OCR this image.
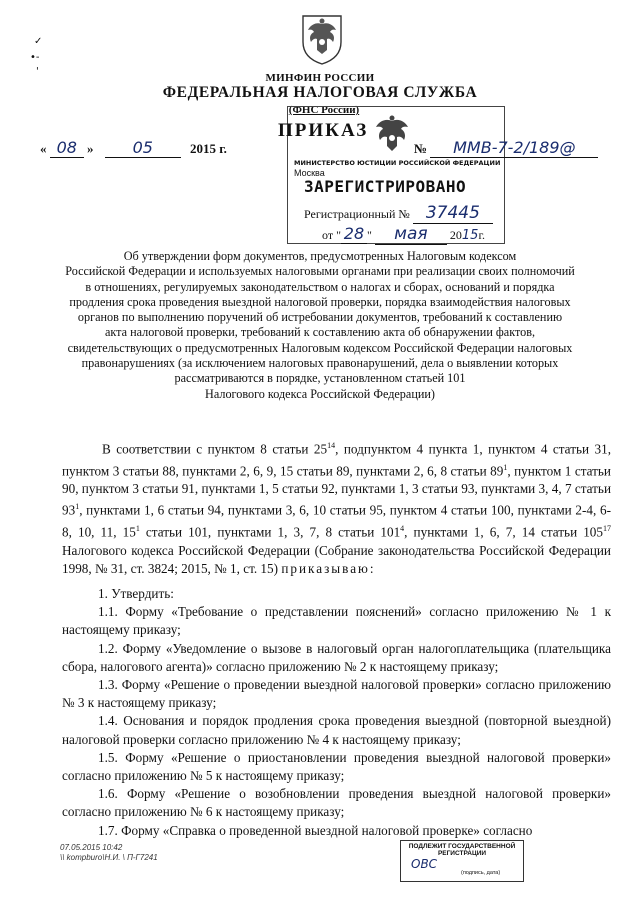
✓
•-
'
МИНФИН РОССИИ
ФЕДЕРАЛЬНАЯ НАЛОГОВАЯ СЛУЖБА
(ФНС России)
МИНИСТЕРСТВО ЮСТИЦИИ РОССИЙСКОЙ ФЕДЕРАЦИИ
Москва
ЗАРЕГИСТРИРОВАНО
Регистрационный № 37445
от " 28 " мая 2015г.
ПРИКАЗ
« 08 » 05	2015 г.	№ ММВ-7-2/189@
Об утверждении форм документов, предусмотренных Налоговым кодексом
Российской Федерации и используемых налоговыми органами при реализации своих полномочий
в отношениях, регулируемых законодательством о налогах и сборах, оснований и порядка
продления срока проведения выездной налоговой проверки, порядка взаимодействия налоговых
органов по выполнению поручений об истребовании документов, требований к составлению
акта налоговой проверки, требований к составлению акта об обнаружении фактов,
свидетельствующих о предусмотренных Налоговым кодексом Российской Федерации налоговых
правонарушениях (за исключением налоговых правонарушений, дела о выявлении которых
рассматриваются в порядке, установленном статьей 101
Налогового кодекса Российской Федерации)

В соответствии с пунктом 8 статьи $25^{14}$, подпунктом 4 пункта 1, пунктом 4 статьи 31, пунктом 3 статьи 88, пунктами 2, 6, 9, 15 статьи 89, пунктами 2, 6, 8 статьи $89^1$, пунктом 1 статьи 90, пунктом 3 статьи 91, пунктами 1, 5 статьи 92, пунктами 1, 3 статьи 93, пунктами 3, 4, 7 статьи $93^1$, пунктами 1, 6 статьи 94, пунктами 3, 6, 10 статьи 95, пунктом 4 статьи 100, пунктами 2-4, 6-8, 10, 11, $15^1$ статьи 101, пунктами 1, 3, 7, 8 статьи $101^4$, пунктами 1, 6, 7, 14 статьи $105^{17}$ Налогового кодекса Российской Федерации (Собрание законодательства Российской Федерации 1998, № 31, ст. 3824; 2015, № 1, ст. 15) приказываю:

1. Утвердить:

1.1. Форму «Требование о представлении пояснений» согласно приложению № 1 к настоящему приказу;

1.2. Форму «Уведомление о вызове в налоговый орган налогоплательщика (плательщика сбора, налогового агента)» согласно приложению № 2 к настоящему приказу;

1.3. Форму «Решение о проведении выездной налоговой проверки» согласно приложению № 3 к настоящему приказу;

1.4. Основания и порядок продления срока проведения выездной (повторной выездной) налоговой проверки согласно приложению № 4 к настоящему приказу;

1.5. Форму «Решение о приостановлении проведения выездной налоговой проверки» согласно приложению № 5 к настоящему приказу;

1.6. Форму «Решение о возобновлении проведения выездной налоговой проверки» согласно приложению № 6 к настоящему приказу;

1.7. Форму «Справка о проведенной выездной налоговой проверке» согласно

07.05.2015 10:42
\\ kompburo\Н.И. \ П-Г7241
ПОДЛЕЖИТ ГОСУДАРСТВЕННОЙ
РЕГИСТРАЦИИ
ОВС
(подпись, дата)
